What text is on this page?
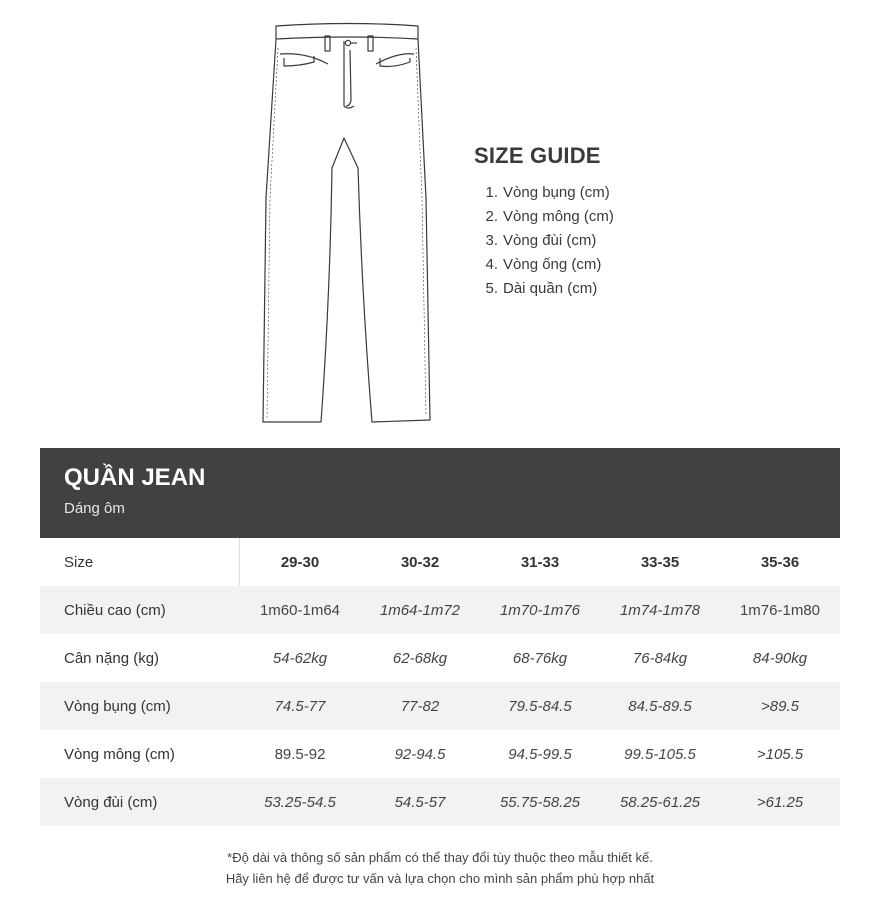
SIZE GUIDE
1. Vòng bụng (cm)
2. Vòng mông (cm)
3. Vòng đùi (cm)
4. Vòng ống (cm)
5. Dài quần (cm)
QUẦN JEAN
Dáng ôm
Size	29-30	30-32	31-33	33-35	35-36
Chiều cao (cm)	1m60-1m64	1m64-1m72	1m70-1m76	1m74-1m78	1m76-1m80
Cân nặng (kg)	54-62kg	62-68kg	68-76kg	76-84kg	84-90kg
Vòng bụng (cm)	74.5-77	77-82	79.5-84.5	84.5-89.5	>89.5
Vòng mông (cm)	89.5-92	92-94.5	94.5-99.5	99.5-105.5	>105.5
Vòng đùi (cm)	53.25-54.5	54.5-57	55.75-58.25	58.25-61.25	>61.25
*Độ dài và thông số sản phẩm có thể thay đổi tùy thuộc theo mẫu thiết kế.
Hãy liên hệ để được tư vấn và lựa chọn cho mình sản phẩm phù hợp nhất
